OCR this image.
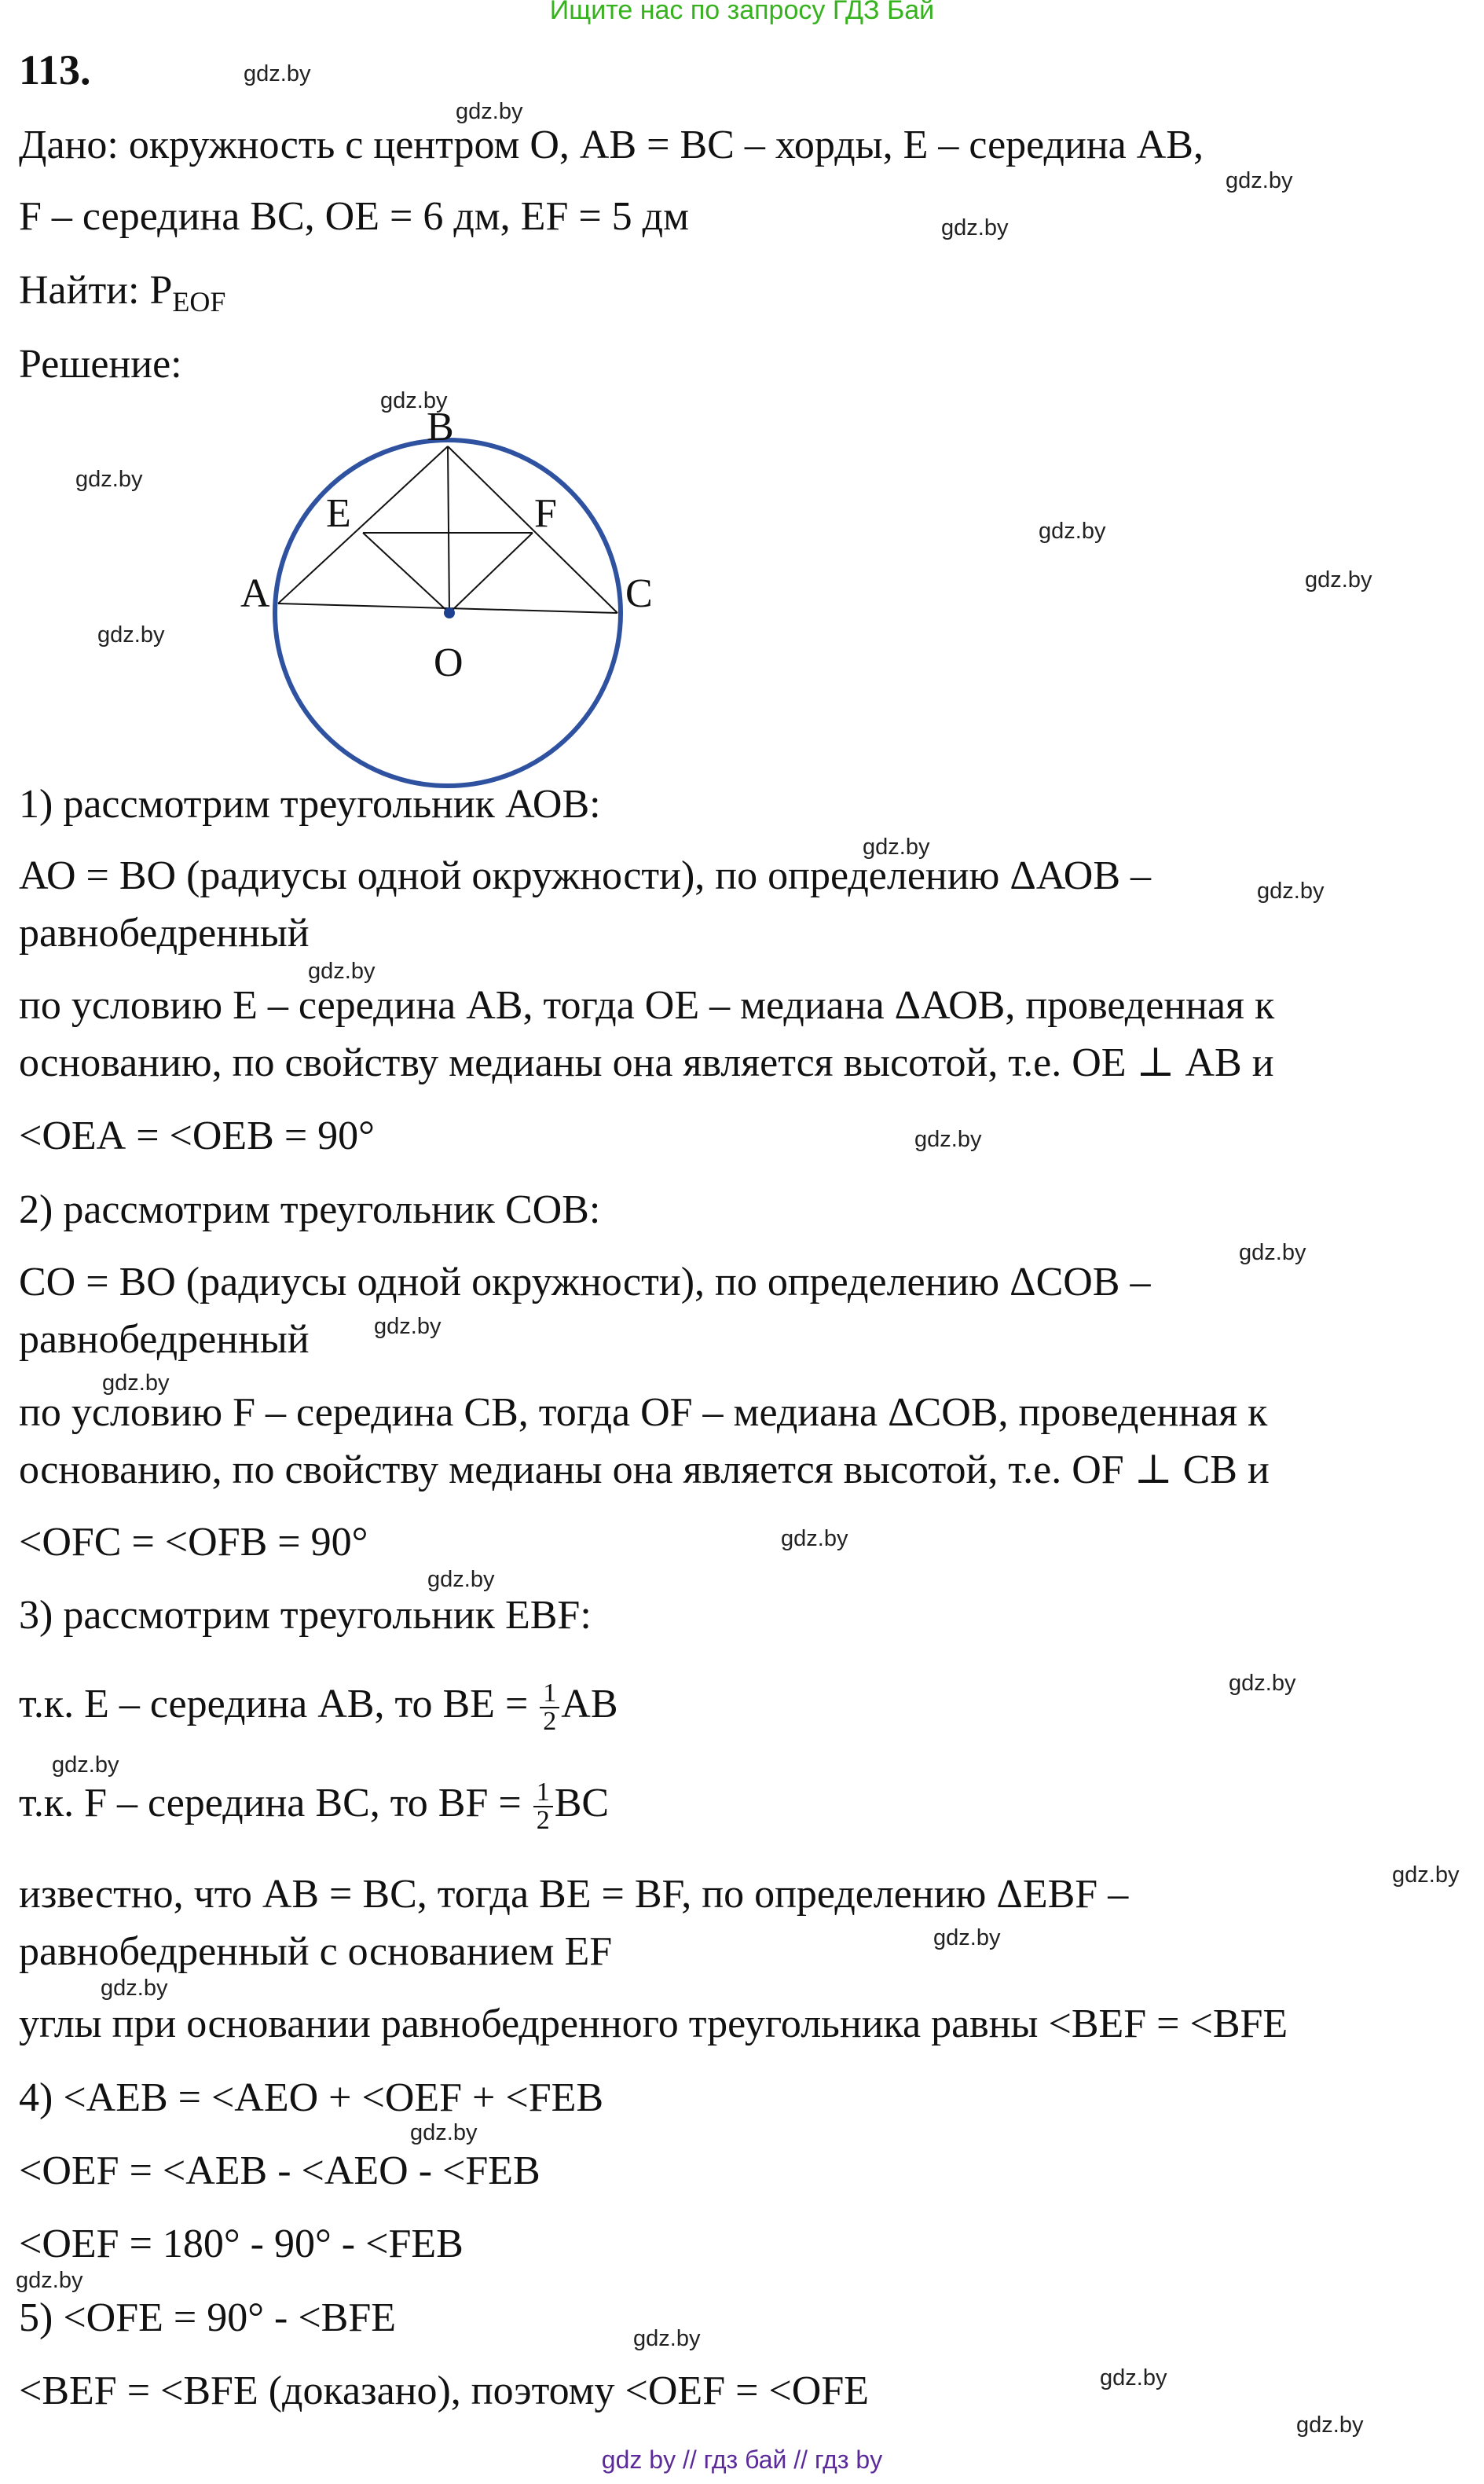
Ищите нас по запросу ГДЗ Бай
113.
Дано: окружность с центром О, АВ = ВС – хорды, Е – середина АВ,
F – середина ВС, ОЕ = 6 дм, EF = 5 дм
Найти: $Р_{EOF}$
Решение:
B
E	F
A	C
O
1) рассмотрим треугольник АОВ:
АО = ВО (радиусы одной окружности), по определению ΔАОВ –
равнобедренный
по условию Е – середина АВ, тогда ОЕ – медиана ΔАОВ, проведенная к
основанию, по свойству медианы она является высотой, т.е. ОЕ ⊥ АВ и
<ОЕА = <ОЕВ = 90°
2) рассмотрим треугольник СОВ:
СО = ВО (радиусы одной окружности), по определению ΔСОВ –
равнобедренный
по условию F – середина СВ, тогда OF – медиана ΔСОВ, проведенная к
основанию, по свойству медианы она является высотой, т.е. OF ⊥ CB и
<OFC = <OFB = 90°
3) рассмотрим треугольник EBF:
т.к. Е – середина АВ, то ВЕ = $\frac{1}{2}$ АВ
т.к. F – середина ВС, то ВF = $\frac{1}{2}$ ВС
известно, что АВ = ВС, тогда ВЕ = ВF, по определению ΔЕВF –
равнобедренный с основанием EF
углы при основании равнобедренного треугольника равны <BEF = <BFE
4) <AEB = <AEO + <OEF + <FEB
<OEF = <AEB - <AEO - <FEB
<OEF = 180° - 90° - <FEB
5) <OFE = 90° - <BFE
<BEF = <BFE (доказано), поэтому <OEF = <OFE
gdz.by
gdz.by
gdz.by
gdz.by
gdz.by
gdz.by
gdz.by
gdz.by
gdz.by
gdz.by
gdz.by
gdz.by
gdz.by
gdz.by
gdz.by
gdz.by
gdz.by
gdz.by
gdz.by
gdz.by
gdz.by
gdz.by
gdz.by
gdz.by
gdz.by
gdz.by
gdz.by
gdz.by
gdz by // гдз бай // гдз by
